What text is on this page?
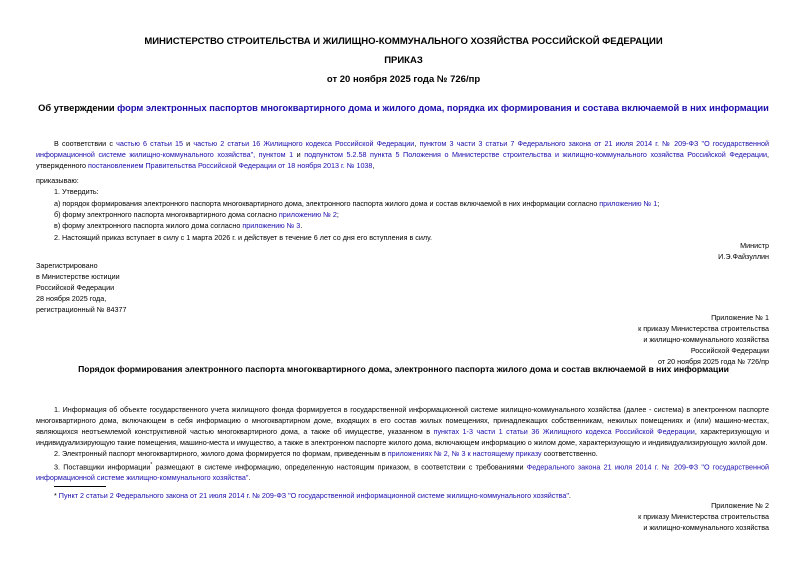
МИНИСТЕРСТВО СТРОИТЕЛЬСТВА И ЖИЛИЩНО-КОММУНАЛЬНОГО ХОЗЯЙСТВА РОССИЙСКОЙ ФЕДЕРАЦИИ
ПРИКАЗ
от 20 ноября 2025 года № 726/пр
Об утверждении форм электронных паспортов многоквартирного дома и жилого дома, порядка их формирования и состава включаемой в них информации
В соответствии с частью 6 статьи 15 и частью 2 статьи 16 Жилищного кодекса Российской Федерации, пунктом 3 части 3 статьи 7 Федерального закона от 21 июля 2014 г. № 209-ФЗ "О государственной информационной системе жилищно-коммунального хозяйства", пунктом 1 и подпунктом 5.2.58 пункта 5 Положения о Министерстве строительства и жилищно-коммунального хозяйства Российской Федерации, утвержденного постановлением Правительства Российской Федерации от 18 ноября 2013 г. № 1038,
приказываю:
1. Утвердить:
а) порядок формирования электронного паспорта многоквартирного дома, электронного паспорта жилого дома и состав включаемой в них информации согласно приложению № 1;
б) форму электронного паспорта многоквартирного дома согласно приложению № 2;
в) форму электронного паспорта жилого дома согласно приложению № 3.
2. Настоящий приказ вступает в силу с 1 марта 2026 г. и действует в течение 6 лет со дня его вступления в силу.
Министр
И.Э.Файзуллин
Зарегистрировано
в Министерстве юстиции
Российской Федерации
28 ноября 2025 года,
регистрационный № 84377
Приложение № 1
к приказу Министерства строительства
и жилищно-коммунального хозяйства
Российской Федерации
от 20 ноября 2025 года № 726/пр
Порядок формирования электронного паспорта многоквартирного дома, электронного паспорта жилого дома и состав включаемой в них информации
1. Информация об объекте государственного учета жилищного фонда формируется в государственной информационной системе жилищно-коммунального хозяйства (далее - система) в электронном паспорте многоквартирного дома, включающем в себя информацию о многоквартирном доме, входящих в его состав жилых помещениях, принадлежащих собственникам, нежилых помещениях и (или) машино-местах, являющихся неотъемлемой конструктивной частью многоквартирного дома, а также об имуществе, указанном в пунктах 1-3 части 1 статьи 36 Жилищного кодекса Российской Федерации, характеризующую и индивидуализирующую такие помещения, машино-места и имущество, а также в электронном паспорте жилого дома, включающем информацию о жилом доме, характеризующую и индивидуализирующую жилой дом.
2. Электронный паспорт многоквартирного, жилого дома формируется по формам, приведенным в приложениях № 2, № 3 к настоящему приказу соответственно.
3. Поставщики информации* размещают в системе информацию, определенную настоящим приказом, в соответствии с требованиями Федерального закона 21 июля 2014 г. № 209-ФЗ "О государственной информационной системе жилищно-коммунального хозяйства".
* Пункт 2 статьи 2 Федерального закона от 21 июля 2014 г. № 209-ФЗ "О государственной информационной системе жилищно-коммунального хозяйства".
Приложение № 2
к приказу Министерства строительства
и жилищно-коммунального хозяйства
